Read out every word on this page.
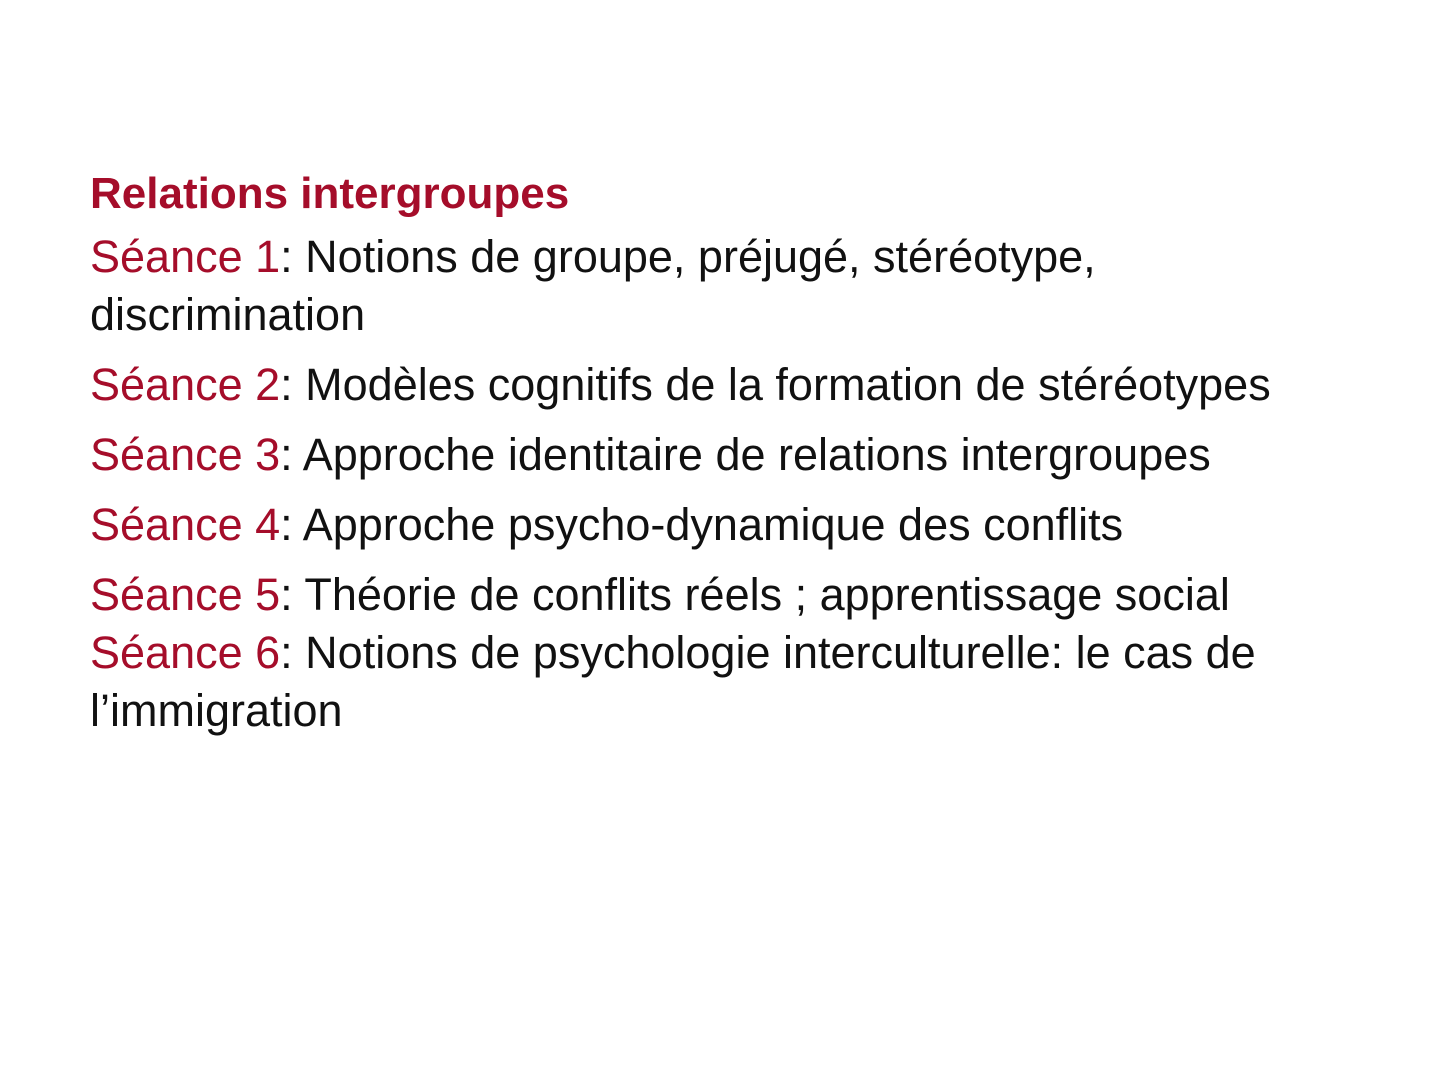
Relations intergroupes
Séance 1: Notions de groupe, préjugé, stéréotype, discrimination
Séance 2: Modèles cognitifs de la formation de stéréotypes
Séance 3: Approche identitaire de relations intergroupes
Séance 4: Approche psycho-dynamique des conflits
Séance 5: Théorie de conflits réels ; apprentissage social
Séance 6: Notions de psychologie interculturelle: le cas de l’immigration
